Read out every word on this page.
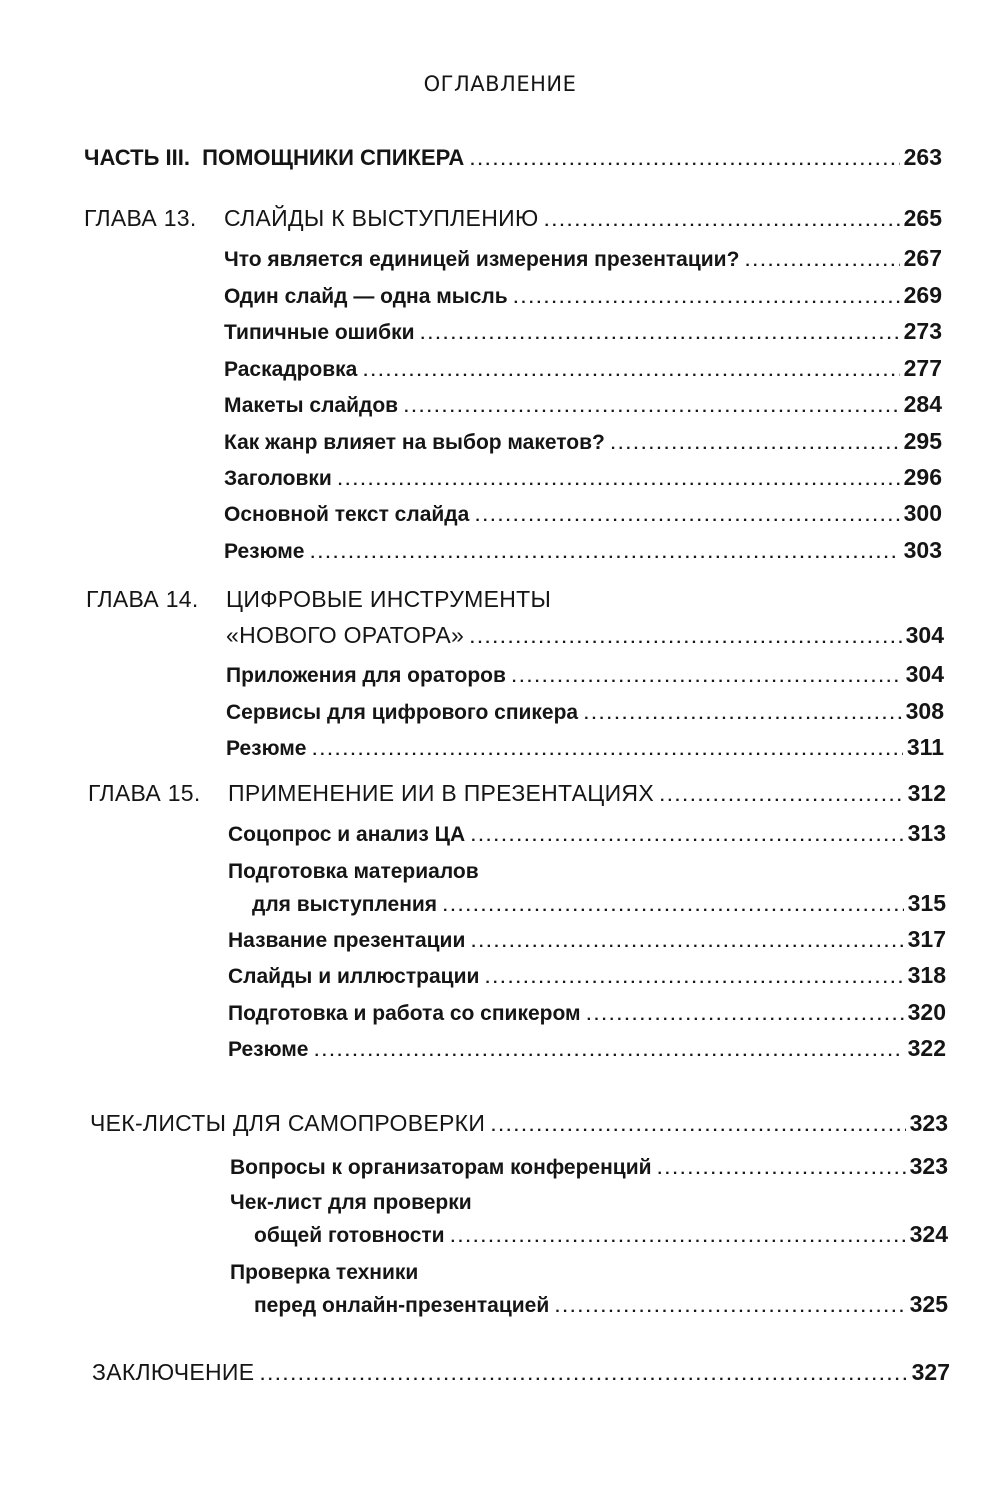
ОГЛАВЛЕНИЕ
ЧАСТЬ III.  ПОМОЩНИКИ СПИКЕРА .....	263
ГЛАВА 13. СЛАЙДЫ К ВЫСТУПЛЕНИЮ .....	265
Что является единицей измерения презентации? .....	267
Один слайд — одна мысль .....	269
Типичные ошибки .....	273
Раскадровка .....	277
Макеты слайдов .....	284
Как жанр влияет на выбор макетов? .....	295
Заголовки .....	296
Основной текст слайда .....	300
Резюме .....	303
ГЛАВА 14. ЦИФРОВЫЕ ИНСТРУМЕНТЫ
«НОВОГО ОРАТОРА» .....	304
Приложения для ораторов .....	304
Сервисы для цифрового спикера .....	308
Резюме .....	311
ГЛАВА 15. ПРИМЕНЕНИЕ ИИ В ПРЕЗЕНТАЦИЯХ .....	312
Соцопрос и анализ ЦА .....	313
Подготовка материалов
для выступления .....	315
Название презентации .....	317
Слайды и иллюстрации .....	318
Подготовка и работа со спикером .....	320
Резюме .....	322
ЧЕК-ЛИСТЫ ДЛЯ САМОПРОВЕРКИ .....	323
Вопросы к организаторам конференций .....	323
Чек-лист для проверки
общей готовности .....	324
Проверка техники
перед онлайн-презентацией .....	325
ЗАКЛЮЧЕНИЕ .....	327
